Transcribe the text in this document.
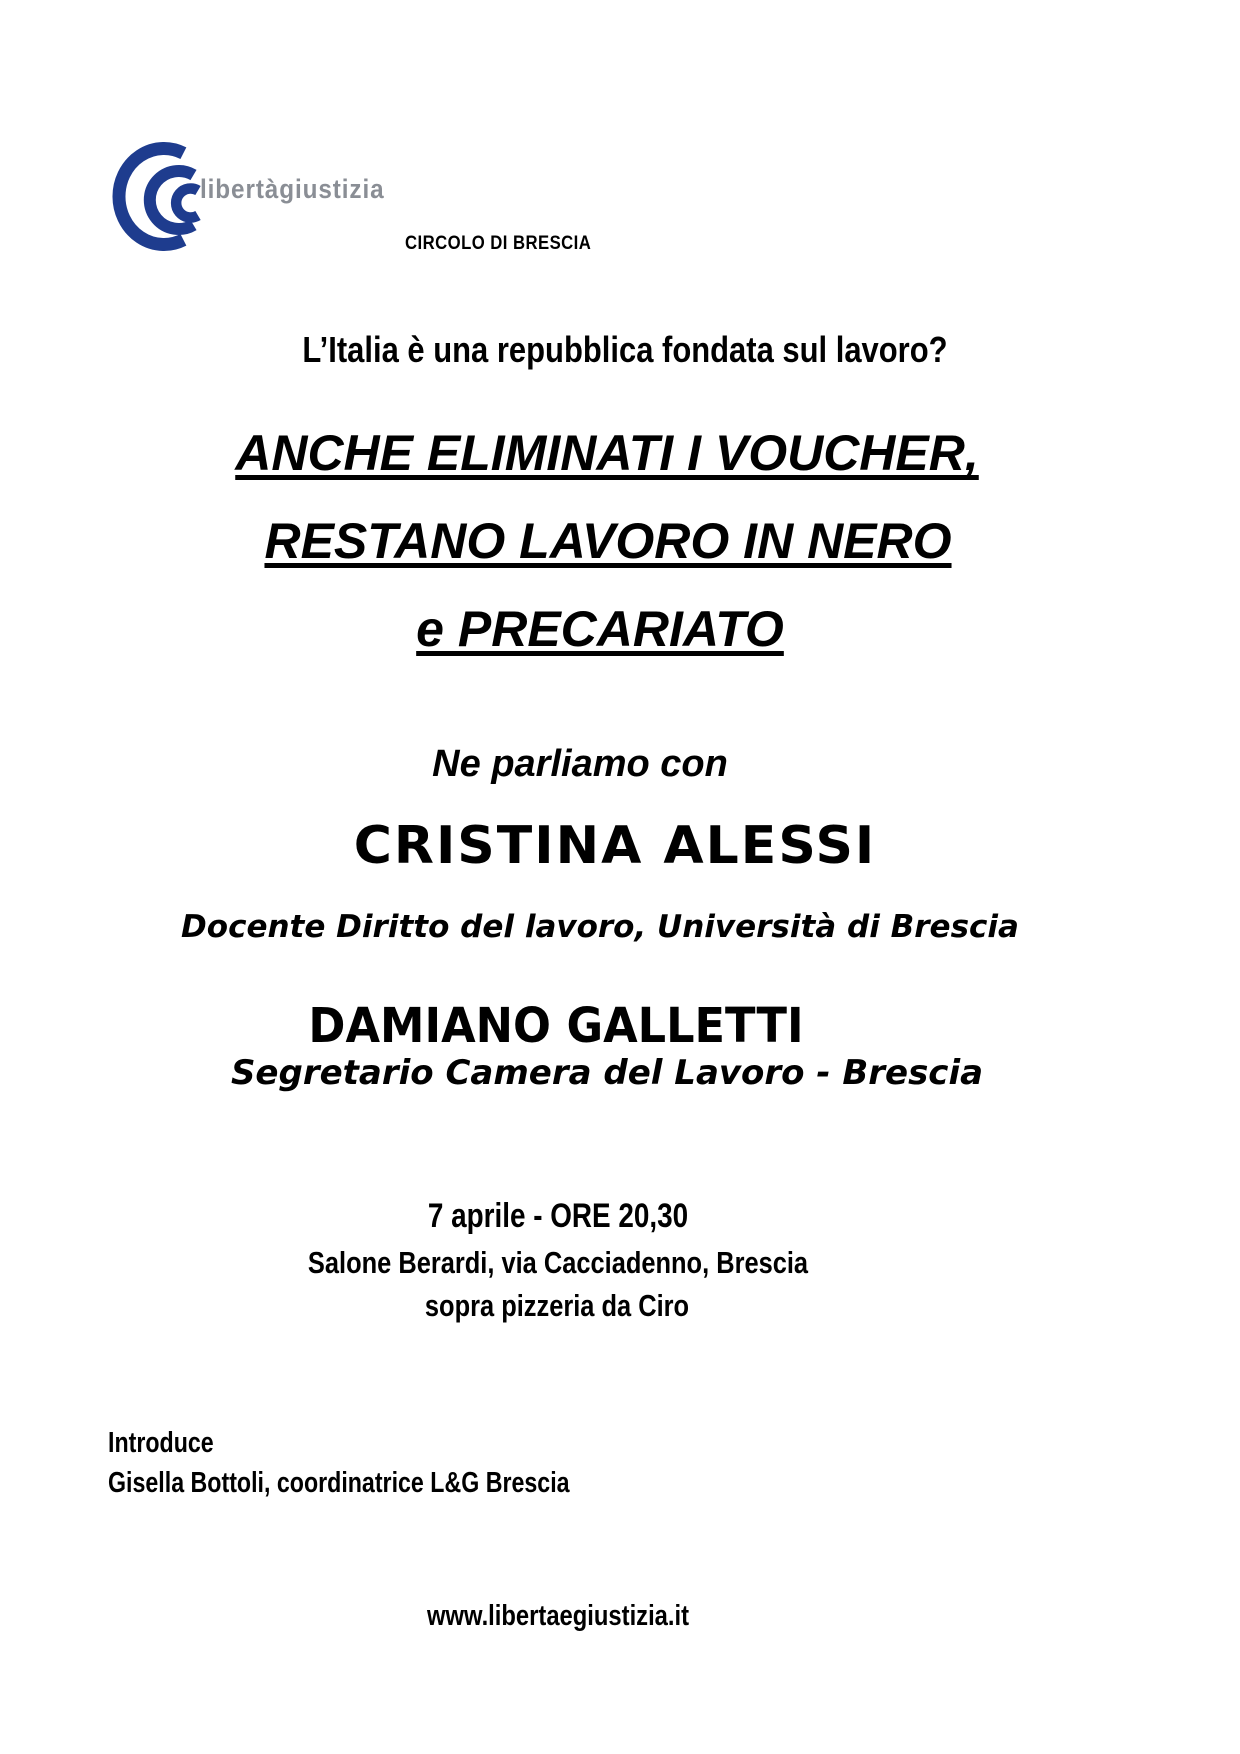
libertàgiustizia
CIRCOLO DI BRESCIA
L’Italia è una repubblica fondata sul lavoro?
ANCHE ELIMINATI I VOUCHER,
RESTANO LAVORO IN NERO
e PRECARIATO
Ne parliamo con
CRISTINA ALESSI
Docente Diritto del lavoro, Università di Brescia
DAMIANO GALLETTI
Segretario Camera del Lavoro - Brescia
7 aprile - ORE 20,30
Salone Berardi, via Cacciadenno, Brescia
sopra pizzeria da Ciro
Introduce
Gisella Bottoli, coordinatrice L&G Brescia
www.libertaegiustizia.it
